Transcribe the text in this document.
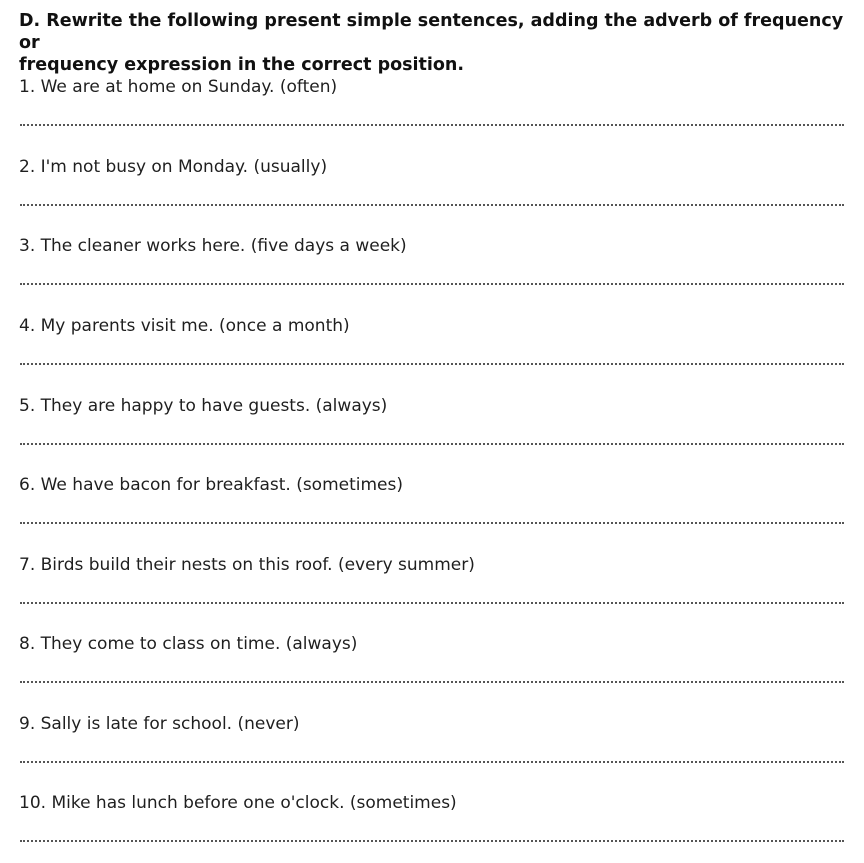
D. Rewrite the following present simple sentences, adding the adverb of frequency or
frequency expression in the correct position.
1. We are at home on Sunday. (often)
2. I'm not busy on Monday. (usually)
3. The cleaner works here. (five days a week)
4. My parents visit me. (once a month)
5. They are happy to have guests. (always)
6. We have bacon for breakfast. (sometimes)
7. Birds build their nests on this roof. (every summer)
8. They come to class on time. (always)
9. Sally is late for school. (never)
10. Mike has lunch before one o'clock. (sometimes)
